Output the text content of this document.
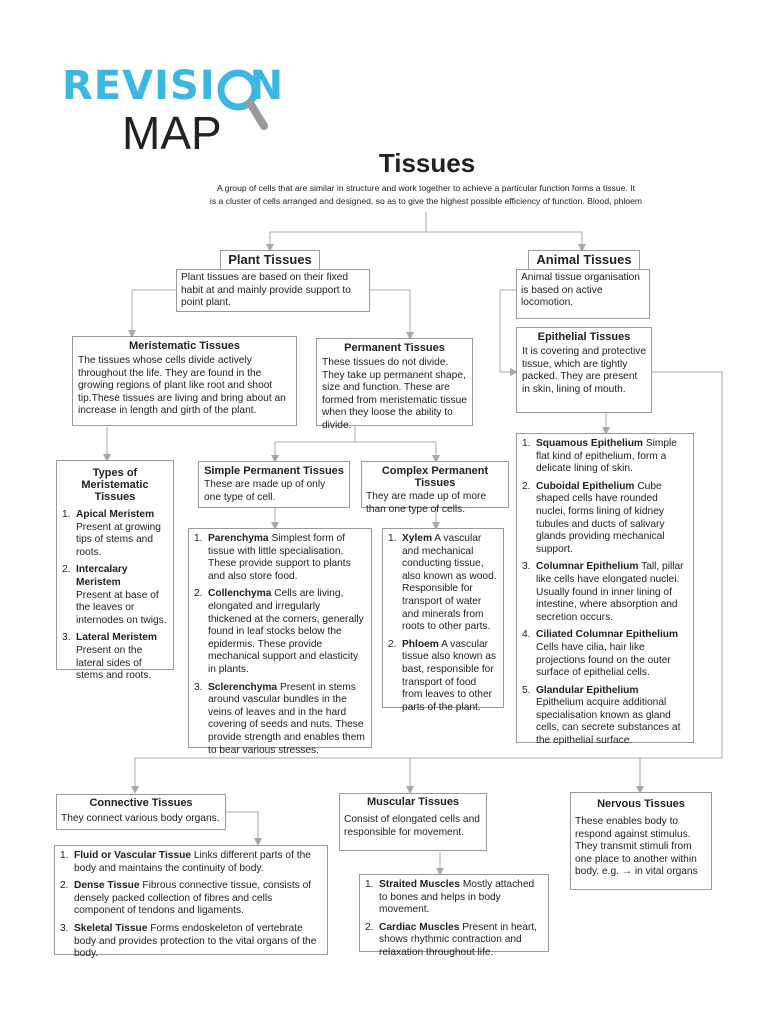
REVISI N
MAP
Tissues
A group of cells that are similar in structure and work together to achieve a particular function forms a tissue. It
is a cluster of cells arranged and designed, so as to give the highest possible efficiency of function. Blood, phloem
Plant Tissues
Plant tissues are based on their fixed habit at and mainly provide support to point plant.
Animal Tissues
Animal tissue organisation is based on active locomotion.
Meristematic Tissues
The tissues whose cells divide actively throughout the life. They are found in the growing regions of plant like root and shoot tip.These tissues are living and bring about an increase in length and girth of the plant.
Permanent Tissues
These tissues do not divide. They take up permanent shape, size and function. These are formed from meristematic tissue when they loose the ability to divide.
Epithelial Tissues
It is covering and protective tissue, which are tightly packed. They are present in skin, lining of mouth.
Types of Meristematic Tissues
1. Apical Meristem
Present at growing tips of stems and roots.
2. Intercalary Meristem
Present at base of the leaves or internodes on twigs.
3. Lateral Meristem
Present on the lateral sides of stems and roots.
Simple Permanent Tissues
These are made up of only one type of cell.
Complex Permanent Tissues
They are made up of more than one type of cells.
1. Parenchyma Simplest form of tissue with little specialisation. These provide support to plants and also store food.
2. Collenchyma Cells are living, elongated and irregularly thickened at the corners, generally found in leaf stocks below the epidermis. These provide mechanical support and elasticity in plants.
3. Sclerenchyma Present in stems around vascular bundles in the veins of leaves and in the hard covering of seeds and nuts. These provide strength and enables them to bear various stresses.
1. Xylem A vascular and mechanical conducting tissue, also known as wood. Responsible for transport of water and minerals from roots to other parts.
2. Phloem A vascular tissue also known as bast, responsible for transport of food from leaves to other parts of the plant.
1. Squamous Epithelium Simple flat kind of epithelium, form a delicate lining of skin.
2. Cuboidal Epithelium Cube shaped cells have rounded nuclei, forms lining of kidney tubules and ducts of salivary glands providing mechanical support.
3. Columnar Epithelium Tall, pillar like cells have elongated nuclei. Usually found in inner lining of intestine, where absorption and secretion occurs.
4. Ciliated Columnar Epithelium Cells have cilia, hair like projections found on the outer surface of epithelial cells.
5. Glandular Epithelium Epithelium acquire additional specialisation known as gland cells, can secrete substances at the epithelial surface.
Connective Tissues
They connect various body organs.
1. Fluid or Vascular Tissue Links different parts of the body and maintains the continuity of body.
2. Dense Tissue Fibrous connective tissue, consists of densely packed collection of fibres and cells component of tendons and ligaments.
3. Skeletal Tissue Forms endoskeleton of vertebrate body and provides protection to the vital organs of the body.
Muscular Tissues
Consist of elongated cells and responsible for movement.
1. Straited Muscles Mostly attached to bones and helps in body movement.
2. Cardiac Muscles Present in heart, shows rhythmic contraction and relaxation throughout life.
Nervous Tissues
These enables body to respond against stimulus. They transmit stimuli from one place to another within body. e.g. → in vital organs
